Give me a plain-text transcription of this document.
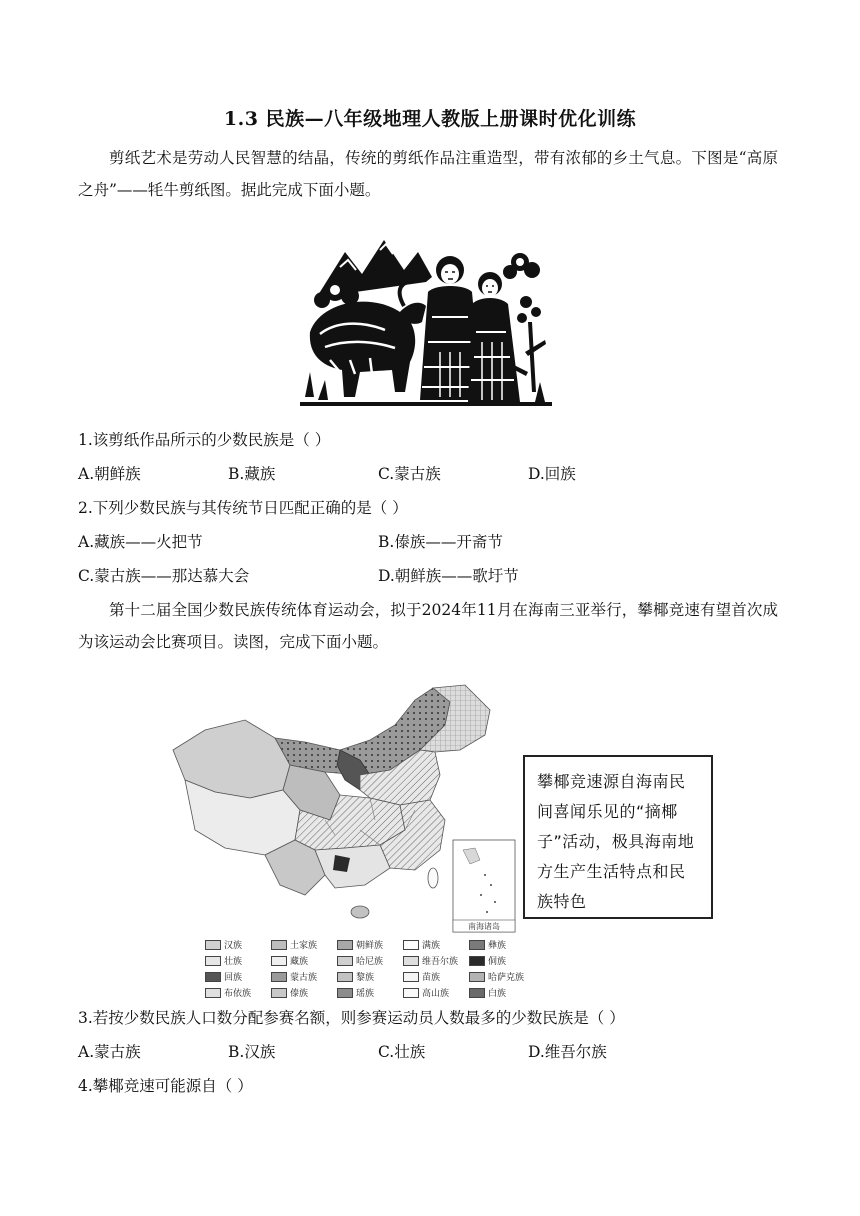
1.3 民族—八年级地理人教版上册课时优化训练
剪纸艺术是劳动人民智慧的结晶，传统的剪纸作品注重造型，带有浓郁的乡土气息。下图是“高原之舟”——牦牛剪纸图。据此完成下面小题。
1.该剪纸作品所示的少数民族是（ ）
A.朝鲜族	B.藏族	C.蒙古族	D.回族
2.下列少数民族与其传统节日匹配正确的是（ ）
A.藏族——火把节	B.傣族——开斋节
C.蒙古族——那达慕大会	D.朝鲜族——歌圩节
第十二届全国少数民族传统体育运动会，拟于2024年11月在海南三亚举行，攀椰竞速有望首次成为该运动会比赛项目。读图，完成下面小题。
南海诸岛
攀椰竞速源自海南民间喜闻乐见的“摘椰子”活动，极具海南地方生产生活特点和民族特色
汉族	土家族	朝鲜族	满族	彝族
壮族	藏族	哈尼族	维吾尔族	侗族
回族	蒙古族	黎族	苗族	哈萨克族
布依族	傣族	瑶族	高山族	白族
3.若按少数民族人口数分配参赛名额，则参赛运动员人数最多的少数民族是（ ）
A.蒙古族	B.汉族	C.壮族	D.维吾尔族
4.攀椰竞速可能源自（ ）
